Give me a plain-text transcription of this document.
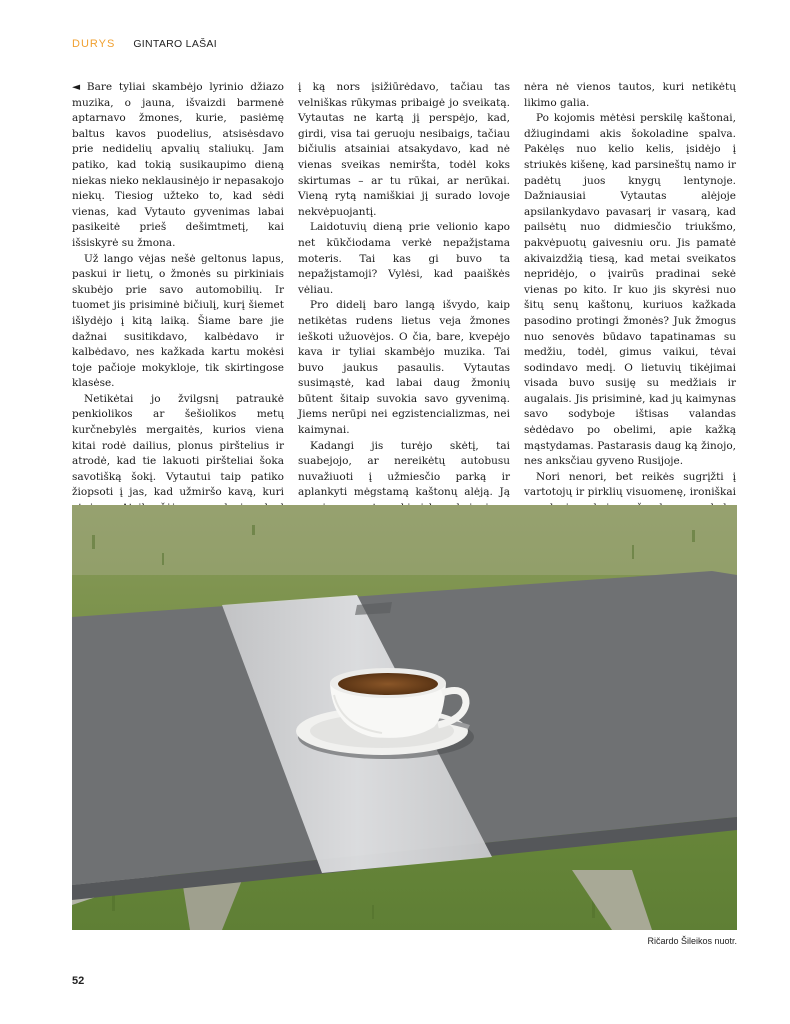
DURYS GINTARO LAŠAI

◄ Bare tyliai skambėjo lyrinio džiazo muzika, o jauna, išvaizdi barmenė aptarnavo žmones, kurie, pasiėmę baltus kavos puodelius, atsisėsdavo prie nedidelių apvalių staliukų. Jam patiko, kad tokią susikaupimo dieną niekas nieko neklausinėjo ir nepasakojo niekų. Tiesiog užteko to, kad sėdi vienas, kad Vytauto gyvenimas labai pasikeitė prieš dešimtmetį, kai išsiskyrė su žmona.

Už lango vėjas nešė geltonus lapus, paskui ir lietų, o žmonės su pirkiniais skubėjo prie savo automobilių. Ir tuomet jis prisiminė bičiulį, kurį šiemet išlydėjo į kitą laiką. Šiame bare jie dažnai susitikdavo, kalbėdavo ir kalbėdavo, nes kažkada kartu mokėsi toje pačioje mokykloje, tik skirtingose klasėse.

Netikėtai jo žvilgsnį patraukė penkiolikos ar šešiolikos metų kurčnebylės mergaitės, kurios viena kitai rodė dailius, plonus pirštelius ir atrodė, kad tie lakuoti piršteliai šoka savotišką šokį. Vytautui taip patiko žiopsoti į jas, kad užmiršo kavą, kuri

į ką nors įsižiūrėdavo, tačiau tas velniškas rūkymas pribaigė jo sveikatą. Vytautas ne kartą jį perspėjo, kad, girdi, visa tai geruoju nesibaigs, tačiau bičiulis atsainiai atsakydavo, kad nė vienas sveikas nemiršta, todėl koks skirtumas – ar tu rūkai, ar nerūkai. Vieną rytą namiškiai jį surado lovoje nekvėpuojantį.

Laidotuvių dieną prie velionio kapo net kūkčiodama verkė nepažįstama moteris. Tai kas gi buvo ta nepažįstamoji? Vylėsi, kad paaiškės vėliau.

Pro didelį baro langą išvydo, kaip netikėtas rudens lietus veja žmones ieškoti užuovėjos. O čia, bare, kvepėjo kava ir tyliai skambėjo muzika. Tai buvo jaukus pasaulis. Vytautas susimąstė, kad labai daug žmonių būtent šitaip suvokia savo gyvenimą. Jiems nerūpi nei egzistencializmas, nei kaimynai.

Kadangi jis turėjo skėtį, tai suabejojo, ar nereikėtų autobusu nuvažiuoti į užmiesčio parką ir aplankyti mėgstamą kaštonų alėją. Ją

nėra nė vienos tautos, kuri netikėtų likimo galia.

Po kojomis mėtėsi perskilę kaštonai, džiugindami akis šokoladine spalva. Pakėlęs nuo kelio kelis, įsidėjo į striukės kišenę, kad parsineštų namo ir padėtų juos knygų lentynoje. Dažniausiai Vytautas alėjoje apsilankydavo pavasarį ir vasarą, kad pailsėtų nuo didmiesčio triukšmo, pakvėpuotų gaivesniu oru. Jis pamatė akivaizdžią tiesą, kad metai sveikatos nepridėjo, o įvairūs pradinai sekė vienas po kito. Ir kuo jis skyrėsi nuo šitų senų kaštonų, kuriuos kažkada pasodino protingi žmonės? Juk žmogus nuo senovės būdavo tapatinamas su medžiu, todėl, gimus vaikui, tėvai sodindavo medį. O lietuvių tikėjimai visada buvo susiję su medžiais ir augalais. Jis prisiminė, kad jų kaimynas savo sodyboje ištisas valandas sėdėdavo po obelimi, apie kažką mąstydamas. Pastarasis daug ką žinojo, nes anksčiau gyveno Rusijoje.

Nori nenori, bet reikės sugrįžti į vartotojų ir pirklių visuomenę, ironiškai

Ričardo Šileikos nuotr.
52
